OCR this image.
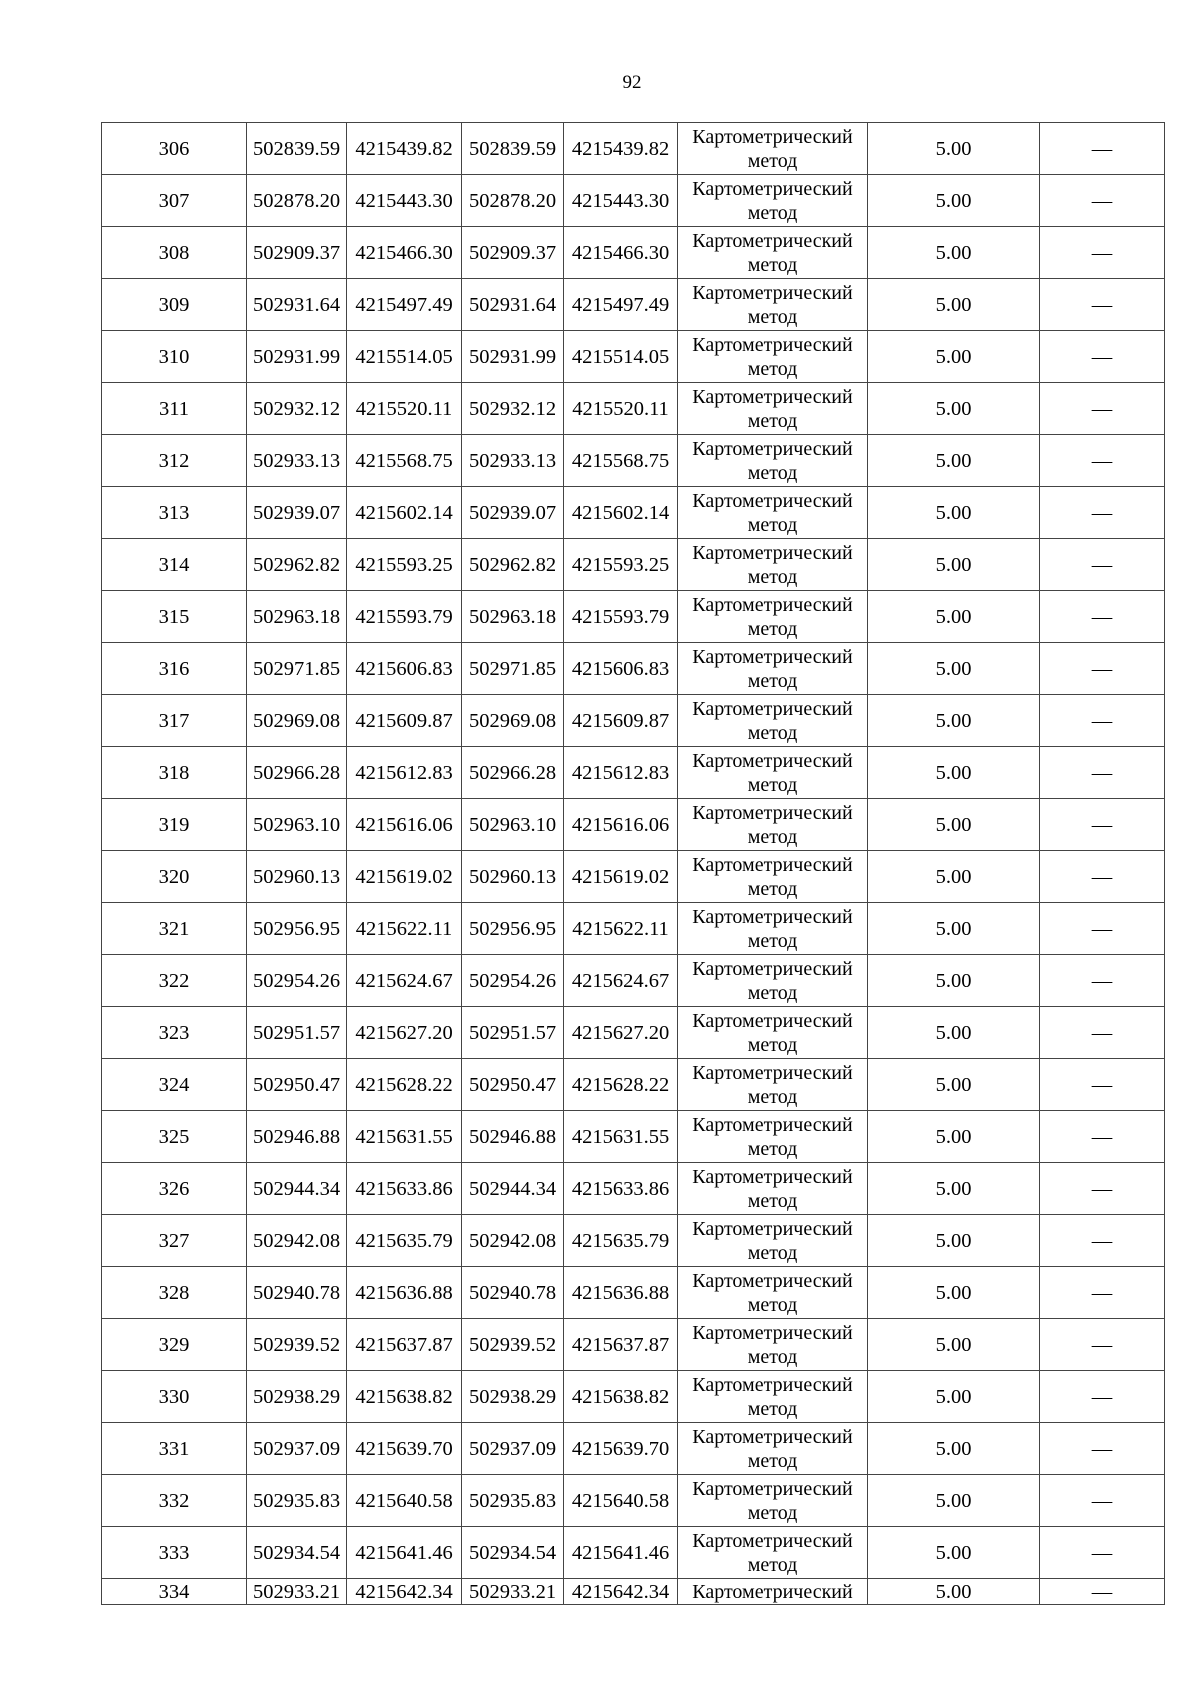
92
306	502839.59	4215439.82	502839.59	4215439.82	Картометрический
метод	5.00	—
307	502878.20	4215443.30	502878.20	4215443.30	Картометрический
метод	5.00	—
308	502909.37	4215466.30	502909.37	4215466.30	Картометрический
метод	5.00	—
309	502931.64	4215497.49	502931.64	4215497.49	Картометрический
метод	5.00	—
310	502931.99	4215514.05	502931.99	4215514.05	Картометрический
метод	5.00	—
311	502932.12	4215520.11	502932.12	4215520.11	Картометрический
метод	5.00	—
312	502933.13	4215568.75	502933.13	4215568.75	Картометрический
метод	5.00	—
313	502939.07	4215602.14	502939.07	4215602.14	Картометрический
метод	5.00	—
314	502962.82	4215593.25	502962.82	4215593.25	Картометрический
метод	5.00	—
315	502963.18	4215593.79	502963.18	4215593.79	Картометрический
метод	5.00	—
316	502971.85	4215606.83	502971.85	4215606.83	Картометрический
метод	5.00	—
317	502969.08	4215609.87	502969.08	4215609.87	Картометрический
метод	5.00	—
318	502966.28	4215612.83	502966.28	4215612.83	Картометрический
метод	5.00	—
319	502963.10	4215616.06	502963.10	4215616.06	Картометрический
метод	5.00	—
320	502960.13	4215619.02	502960.13	4215619.02	Картометрический
метод	5.00	—
321	502956.95	4215622.11	502956.95	4215622.11	Картометрический
метод	5.00	—
322	502954.26	4215624.67	502954.26	4215624.67	Картометрический
метод	5.00	—
323	502951.57	4215627.20	502951.57	4215627.20	Картометрический
метод	5.00	—
324	502950.47	4215628.22	502950.47	4215628.22	Картометрический
метод	5.00	—
325	502946.88	4215631.55	502946.88	4215631.55	Картометрический
метод	5.00	—
326	502944.34	4215633.86	502944.34	4215633.86	Картометрический
метод	5.00	—
327	502942.08	4215635.79	502942.08	4215635.79	Картометрический
метод	5.00	—
328	502940.78	4215636.88	502940.78	4215636.88	Картометрический
метод	5.00	—
329	502939.52	4215637.87	502939.52	4215637.87	Картометрический
метод	5.00	—
330	502938.29	4215638.82	502938.29	4215638.82	Картометрический
метод	5.00	—
331	502937.09	4215639.70	502937.09	4215639.70	Картометрический
метод	5.00	—
332	502935.83	4215640.58	502935.83	4215640.58	Картометрический
метод	5.00	—
333	502934.54	4215641.46	502934.54	4215641.46	Картометрический
метод	5.00	—
334	502933.21	4215642.34	502933.21	4215642.34	Картометрический	5.00	—
